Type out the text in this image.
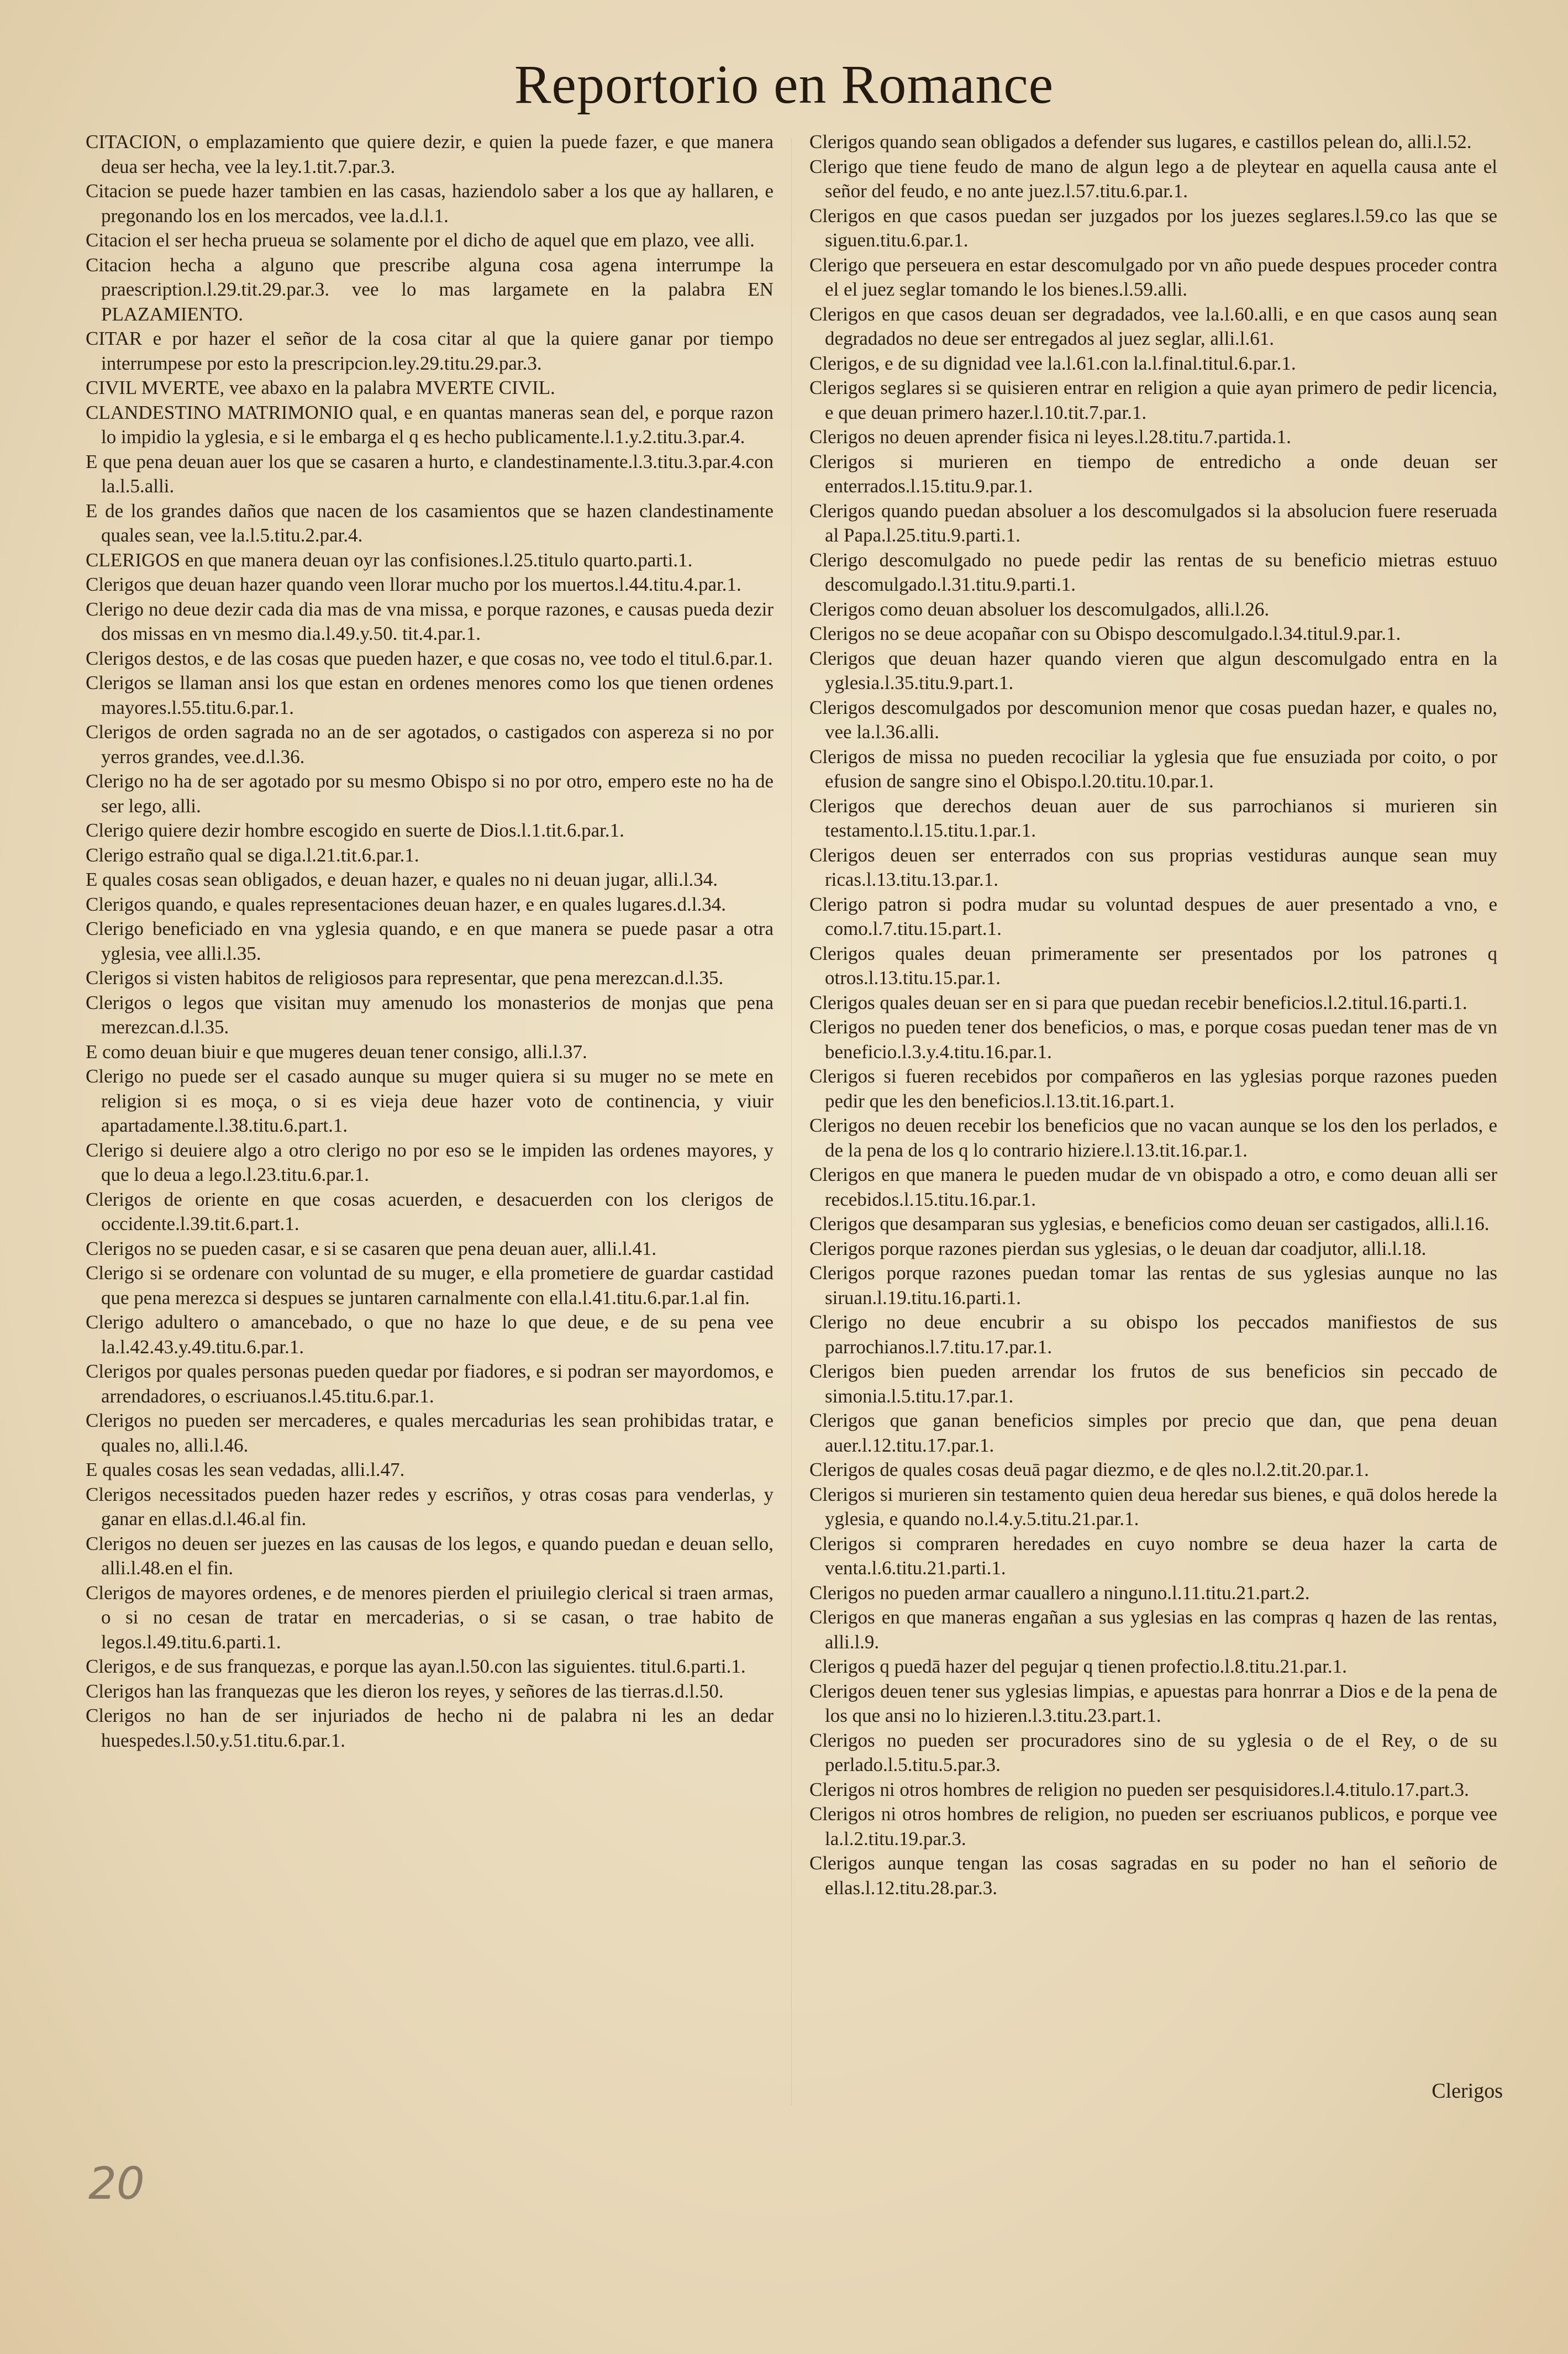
Reportorio en Romance

CITACION, o emplazamiento que quiere dezir, e quien la puede fazer, e que manera deua ser hecha, vee la ley.1.tit.7.par.3.

Citacion se puede hazer tambien en las casas, haziendolo saber a los que ay hallaren, e pregonando los en los mercados, vee la.d.l.1.

Citacion el ser hecha prueua se solamente por el dicho de aquel que em plazo, vee alli.

Citacion hecha a alguno que prescribe alguna cosa agena interrumpe la praescription.l.29.tit.29.par.3. vee lo mas largamete en la palabra EN PLAZAMIENTO.

CITAR e por hazer el señor de la cosa citar al que la quiere ganar por tiempo interrumpese por esto la prescripcion.ley.29.titu.29.par.3.

CIVIL MVERTE, vee abaxo en la palabra MVERTE CIVIL.

CLANDESTINO MATRIMONIO qual, e en quantas maneras sean del, e porque razon lo impidio la yglesia, e si le embarga el q es hecho publicamente.l.1.y.2.titu.3.par.4.

E que pena deuan auer los que se casaren a hurto, e clandestinamente.l.3.titu.3.par.4.con la.l.5.alli.

E de los grandes daños que nacen de los casamientos que se hazen clandestinamente quales sean, vee la.l.5.titu.2.par.4.

CLERIGOS en que manera deuan oyr las confisiones.l.25.titulo quarto.parti.1.

Clerigos que deuan hazer quando veen llorar mucho por los muertos.l.44.titu.4.par.1.

Clerigo no deue dezir cada dia mas de vna missa, e porque razones, e causas pueda dezir dos missas en vn mesmo dia.l.49.y.50. tit.4.par.1.

Clerigos destos, e de las cosas que pueden hazer, e que cosas no, vee todo el titul.6.par.1.

Clerigos se llaman ansi los que estan en ordenes menores como los que tienen ordenes mayores.l.55.titu.6.par.1.

Clerigos de orden sagrada no an de ser agotados, o castigados con aspereza si no por yerros grandes, vee.d.l.36.

Clerigo no ha de ser agotado por su mesmo Obispo si no por otro, empero este no ha de ser lego, alli.

Clerigo quiere dezir hombre escogido en suerte de Dios.l.1.tit.6.par.1.

Clerigo estraño qual se diga.l.21.tit.6.par.1.

E quales cosas sean obligados, e deuan hazer, e quales no ni deuan jugar, alli.l.34.

Clerigos quando, e quales representaciones deuan hazer, e en quales lugares.d.l.34.

Clerigo beneficiado en vna yglesia quando, e en que manera se puede pasar a otra yglesia, vee alli.l.35.

Clerigos si visten habitos de religiosos para representar, que pena merezcan.d.l.35.

Clerigos o legos que visitan muy amenudo los monasterios de monjas que pena merezcan.d.l.35.

E como deuan biuir e que mugeres deuan tener consigo, alli.l.37.

Clerigo no puede ser el casado aunque su muger quiera si su muger no se mete en religion si es moça, o si es vieja deue hazer voto de continencia, y viuir apartadamente.l.38.titu.6.part.1.

Clerigo si deuiere algo a otro clerigo no por eso se le impiden las ordenes mayores, y que lo deua a lego.l.23.titu.6.par.1.

Clerigos de oriente en que cosas acuerden, e desacuerden con los clerigos de occidente.l.39.tit.6.part.1.

Clerigos no se pueden casar, e si se casaren que pena deuan auer, alli.l.41.

Clerigo si se ordenare con voluntad de su muger, e ella prometiere de guardar castidad que pena merezca si despues se juntaren carnalmente con ella.l.41.titu.6.par.1.al fin.

Clerigo adultero o amancebado, o que no haze lo que deue, e de su pena vee la.l.42.43.y.49.titu.6.par.1.

Clerigos por quales personas pueden quedar por fiadores, e si podran ser mayordomos, e arrendadores, o escriuanos.l.45.titu.6.par.1.

Clerigos no pueden ser mercaderes, e quales mercadurias les sean prohibidas tratar, e quales no, alli.l.46.

E quales cosas les sean vedadas, alli.l.47.

Clerigos necessitados pueden hazer redes y escriños, y otras cosas para venderlas, y ganar en ellas.d.l.46.al fin.

Clerigos no deuen ser juezes en las causas de los legos, e quando puedan e deuan sello, alli.l.48.en el fin.

Clerigos de mayores ordenes, e de menores pierden el priuilegio clerical si traen armas, o si no cesan de tratar en mercaderias, o si se casan, o trae habito de legos.l.49.titu.6.parti.1.

Clerigos, e de sus franquezas, e porque las ayan.l.50.con las siguientes. titul.6.parti.1.

Clerigos han las franquezas que les dieron los reyes, y señores de las tierras.d.l.50.

Clerigos no han de ser injuriados de hecho ni de palabra ni les an dedar huespedes.l.50.y.51.titu.6.par.1.

Clerigos quando sean obligados a defender sus lugares, e castillos pelean do, alli.l.52.

Clerigo que tiene feudo de mano de algun lego a de pleytear en aquella causa ante el señor del feudo, e no ante juez.l.57.titu.6.par.1.

Clerigos en que casos puedan ser juzgados por los juezes seglares.l.59.co las que se siguen.titu.6.par.1.

Clerigo que perseuera en estar descomulgado por vn año puede despues proceder contra el el juez seglar tomando le los bienes.l.59.alli.

Clerigos en que casos deuan ser degradados, vee la.l.60.alli, e en que casos aunq sean degradados no deue ser entregados al juez seglar, alli.l.61.

Clerigos, e de su dignidad vee la.l.61.con la.l.final.titul.6.par.1.

Clerigos seglares si se quisieren entrar en religion a quie ayan primero de pedir licencia, e que deuan primero hazer.l.10.tit.7.par.1.

Clerigos no deuen aprender fisica ni leyes.l.28.titu.7.partida.1.

Clerigos si murieren en tiempo de entredicho a onde deuan ser enterrados.l.15.titu.9.par.1.

Clerigos quando puedan absoluer a los descomulgados si la absolucion fuere reseruada al Papa.l.25.titu.9.parti.1.

Clerigo descomulgado no puede pedir las rentas de su beneficio mietras estuuo descomulgado.l.31.titu.9.parti.1.

Clerigos como deuan absoluer los descomulgados, alli.l.26.

Clerigos no se deue acopañar con su Obispo descomulgado.l.34.titul.9.par.1.

Clerigos que deuan hazer quando vieren que algun descomulgado entra en la yglesia.l.35.titu.9.part.1.

Clerigos descomulgados por descomunion menor que cosas puedan hazer, e quales no, vee la.l.36.alli.

Clerigos de missa no pueden recociliar la yglesia que fue ensuziada por coito, o por efusion de sangre sino el Obispo.l.20.titu.10.par.1.

Clerigos que derechos deuan auer de sus parrochianos si murieren sin testamento.l.15.titu.1.par.1.

Clerigos deuen ser enterrados con sus proprias vestiduras aunque sean muy ricas.l.13.titu.13.par.1.

Clerigo patron si podra mudar su voluntad despues de auer presentado a vno, e como.l.7.titu.15.part.1.

Clerigos quales deuan primeramente ser presentados por los patrones q otros.l.13.titu.15.par.1.

Clerigos quales deuan ser en si para que puedan recebir beneficios.l.2.titul.16.parti.1.

Clerigos no pueden tener dos beneficios, o mas, e porque cosas puedan tener mas de vn beneficio.l.3.y.4.titu.16.par.1.

Clerigos si fueren recebidos por compañeros en las yglesias porque razones pueden pedir que les den beneficios.l.13.tit.16.part.1.

Clerigos no deuen recebir los beneficios que no vacan aunque se los den los perlados, e de la pena de los q lo contrario hiziere.l.13.tit.16.par.1.

Clerigos en que manera le pueden mudar de vn obispado a otro, e como deuan alli ser recebidos.l.15.titu.16.par.1.

Clerigos que desamparan sus yglesias, e beneficios como deuan ser castigados, alli.l.16.

Clerigos porque razones pierdan sus yglesias, o le deuan dar coadjutor, alli.l.18.

Clerigos porque razones puedan tomar las rentas de sus yglesias aunque no las siruan.l.19.titu.16.parti.1.

Clerigo no deue encubrir a su obispo los peccados manifiestos de sus parrochianos.l.7.titu.17.par.1.

Clerigos bien pueden arrendar los frutos de sus beneficios sin peccado de simonia.l.5.titu.17.par.1.

Clerigos que ganan beneficios simples por precio que dan, que pena deuan auer.l.12.titu.17.par.1.

Clerigos de quales cosas deuā pagar diezmo, e de qles no.l.2.tit.20.par.1.

Clerigos si murieren sin testamento quien deua heredar sus bienes, e quā dolos herede la yglesia, e quando no.l.4.y.5.titu.21.par.1.

Clerigos si compraren heredades en cuyo nombre se deua hazer la carta de venta.l.6.titu.21.parti.1.

Clerigos no pueden armar cauallero a ninguno.l.11.titu.21.part.2.

Clerigos en que maneras engañan a sus yglesias en las compras q hazen de las rentas, alli.l.9.

Clerigos q puedā hazer del pegujar q tienen profectio.l.8.titu.21.par.1.

Clerigos deuen tener sus yglesias limpias, e apuestas para honrrar a Dios e de la pena de los que ansi no lo hizieren.l.3.titu.23.part.1.

Clerigos no pueden ser procuradores sino de su yglesia o de el Rey, o de su perlado.l.5.titu.5.par.3.

Clerigos ni otros hombres de religion no pueden ser pesquisidores.l.4.titulo.17.part.3.

Clerigos ni otros hombres de religion, no pueden ser escriuanos publicos, e porque vee la.l.2.titu.19.par.3.

Clerigos aunque tengan las cosas sagradas en su poder no han el señorio de ellas.l.12.titu.28.par.3.

Clerigos
20
